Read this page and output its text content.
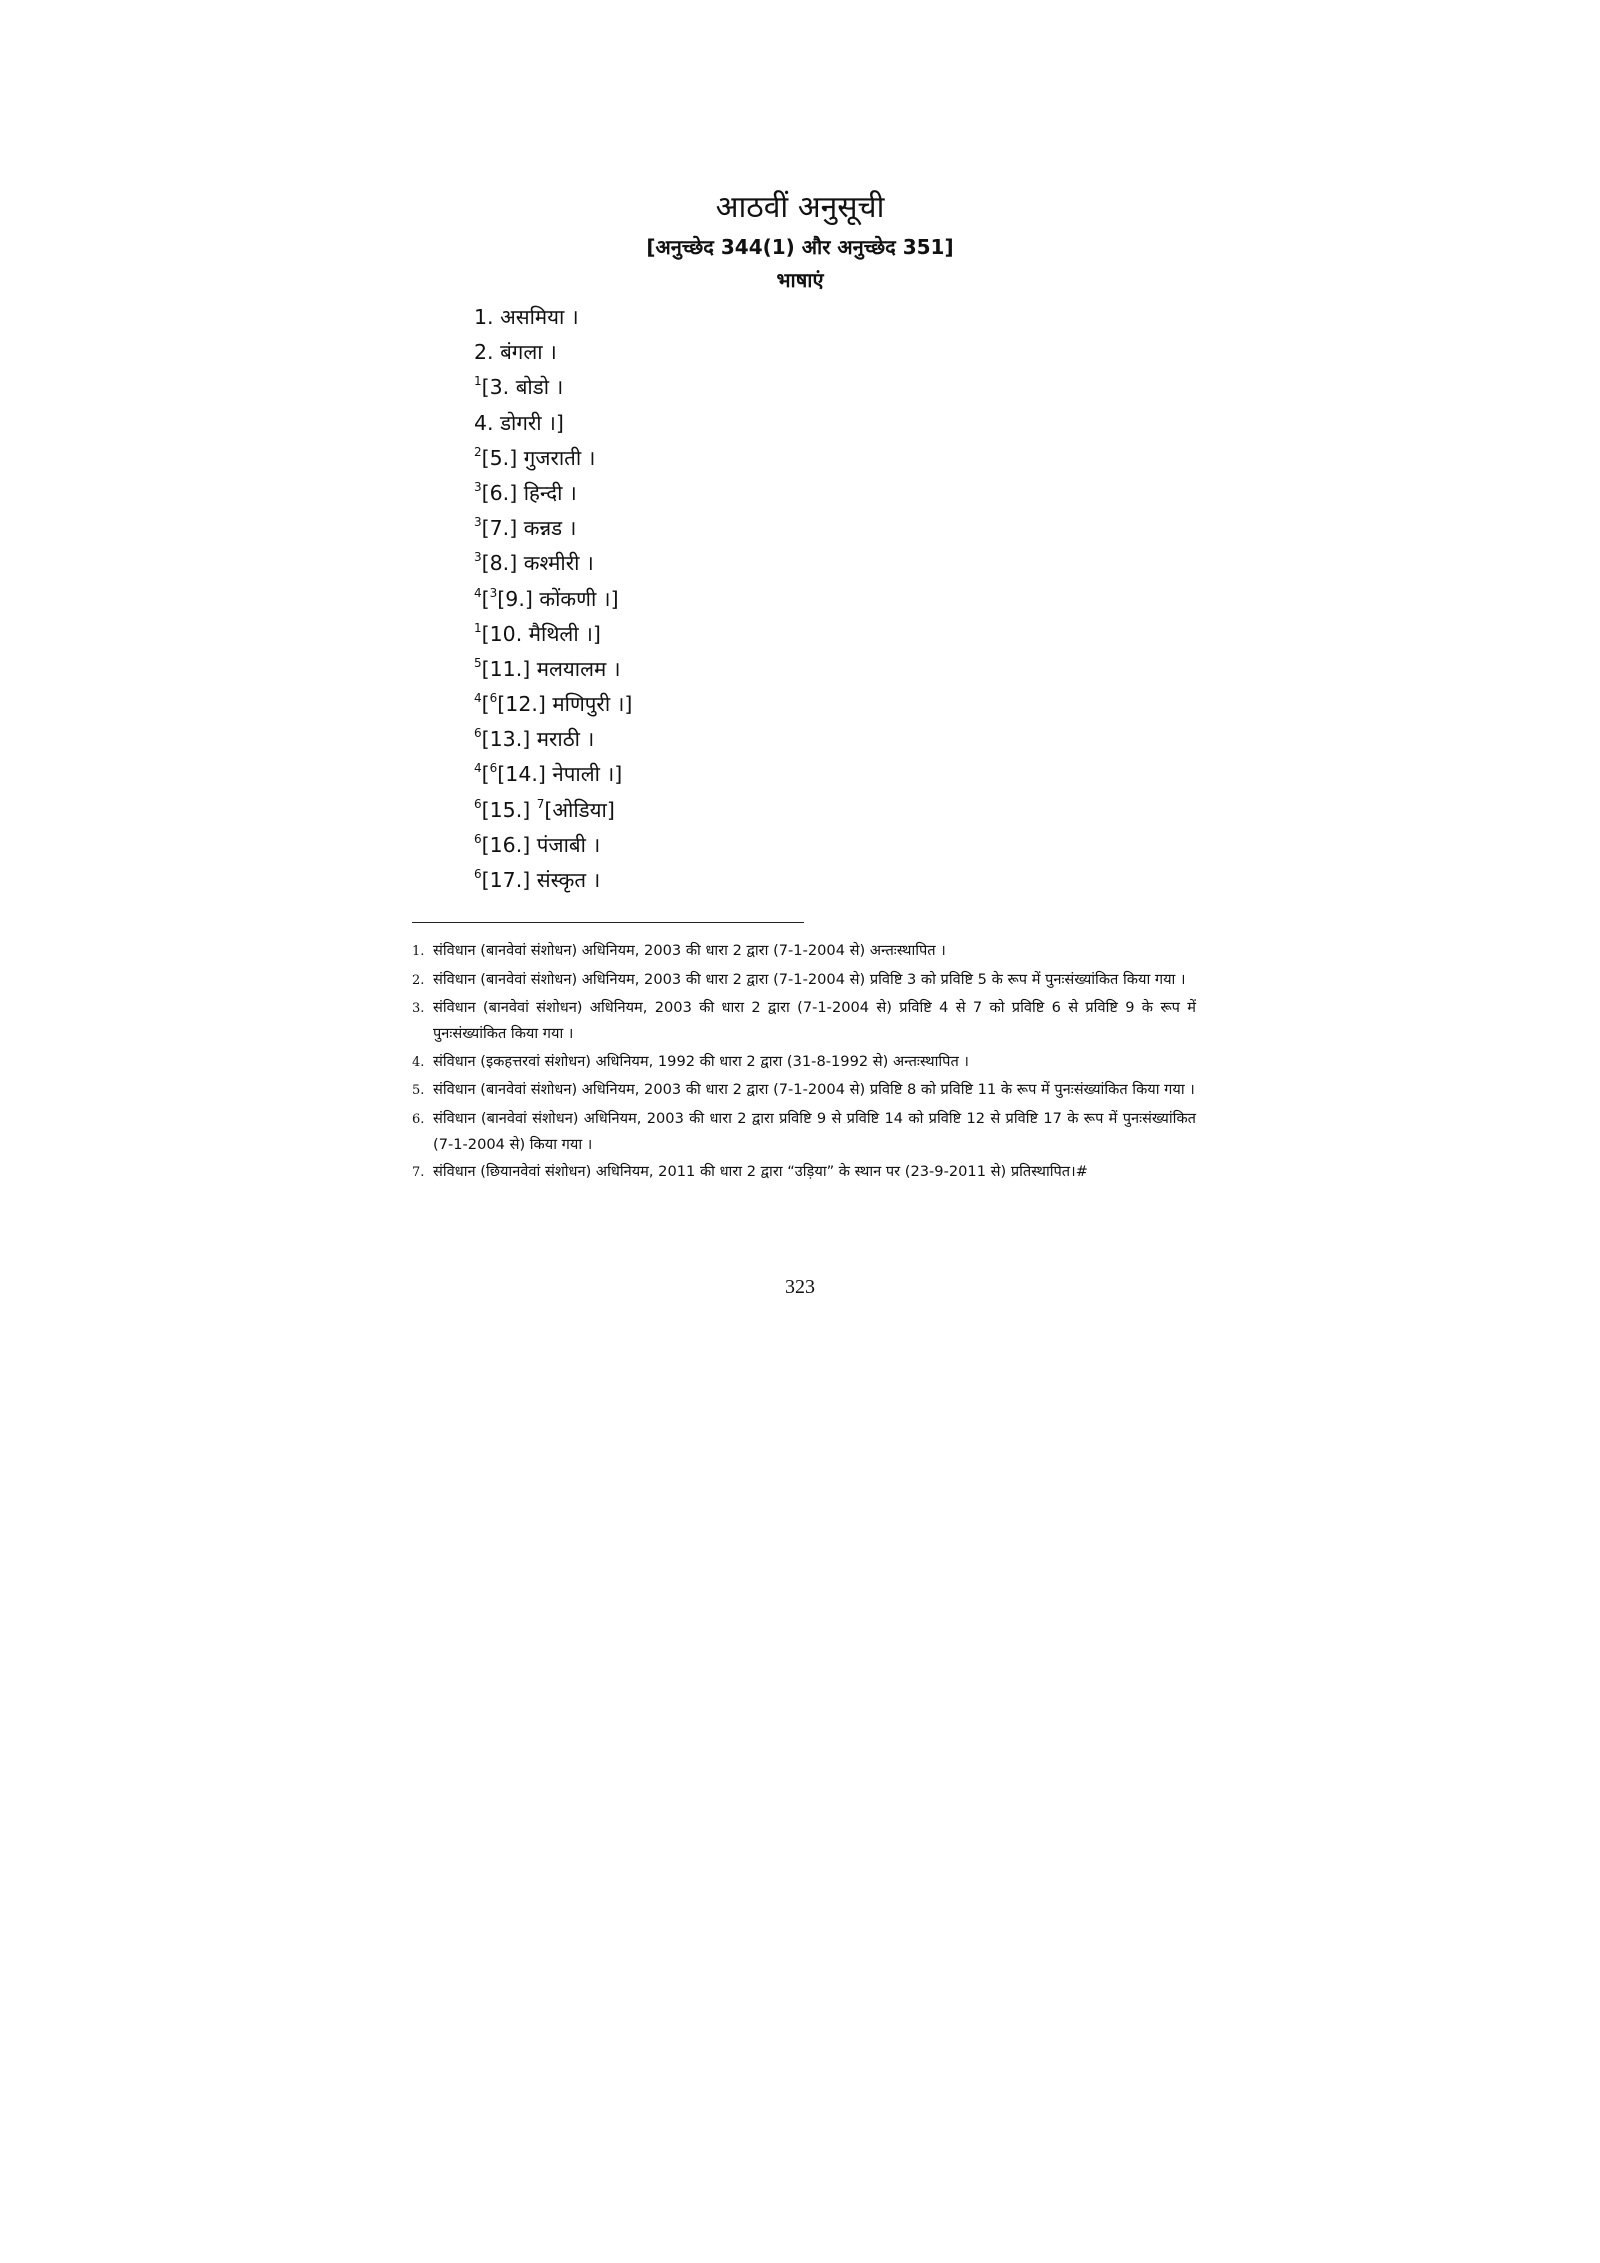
आठवीं अनुसूची
[अनुच्छेद 344(1) और अनुच्छेद 351]
भाषाएं
1. असमिया ।
2. बंगला ।
$^1$[3. बोडो ।
4. डोगरी ।]
$^2$[5.] गुजराती ।
$^3$[6.] हिन्दी ।
$^3$[7.] कन्नड ।
$^3$[8.] कश्मीरी ।
$^4$[$^3$[9.] कोंकणी ।]
$^1$[10. मैथिली ।]
$^5$[11.] मलयालम ।
$^4$[$^6$[12.] मणिपुरी ।]
$^6$[13.] मराठी ।
$^4$[$^6$[14.] नेपाली ।]
$^6$[15.] $^7$[ओडिया]
$^6$[16.] पंजाबी ।
$^6$[17.] संस्कृत ।
1. संविधान (बानवेवां संशोधन) अधिनियम, 2003 की धारा 2 द्वारा (7-1-2004 से) अन्तःस्थापित ।
2. संविधान (बानवेवां संशोधन) अधिनियम, 2003 की धारा 2 द्वारा (7-1-2004 से) प्रविष्टि 3 को प्रविष्टि 5 के रूप में पुनःसंख्यांकित किया गया ।
3. संविधान (बानवेवां संशोधन) अधिनियम, 2003 की धारा 2 द्वारा (7-1-2004 से) प्रविष्टि 4 से 7 को प्रविष्टि 6 से प्रविष्टि 9 के रूप में पुनःसंख्यांकित किया गया ।
4. संविधान (इकहत्तरवां संशोधन) अधिनियम, 1992 की धारा 2 द्वारा (31-8-1992 से) अन्तःस्थापित ।
5. संविधान (बानवेवां संशोधन) अधिनियम, 2003 की धारा 2 द्वारा (7-1-2004 से) प्रविष्टि 8 को प्रविष्टि 11 के रूप में पुनःसंख्यांकित किया गया ।
6. संविधान (बानवेवां संशोधन) अधिनियम, 2003 की धारा 2 द्वारा प्रविष्टि 9 से प्रविष्टि 14 को प्रविष्टि 12 से प्रविष्टि 17 के रूप में पुनःसंख्यांकित (7-1-2004 से) किया गया ।
7. संविधान (छियानवेवां संशोधन) अधिनियम, 2011 की धारा 2 द्वारा “उड़िया” के स्थान पर (23-9-2011 से) प्रतिस्थापित।#
323
